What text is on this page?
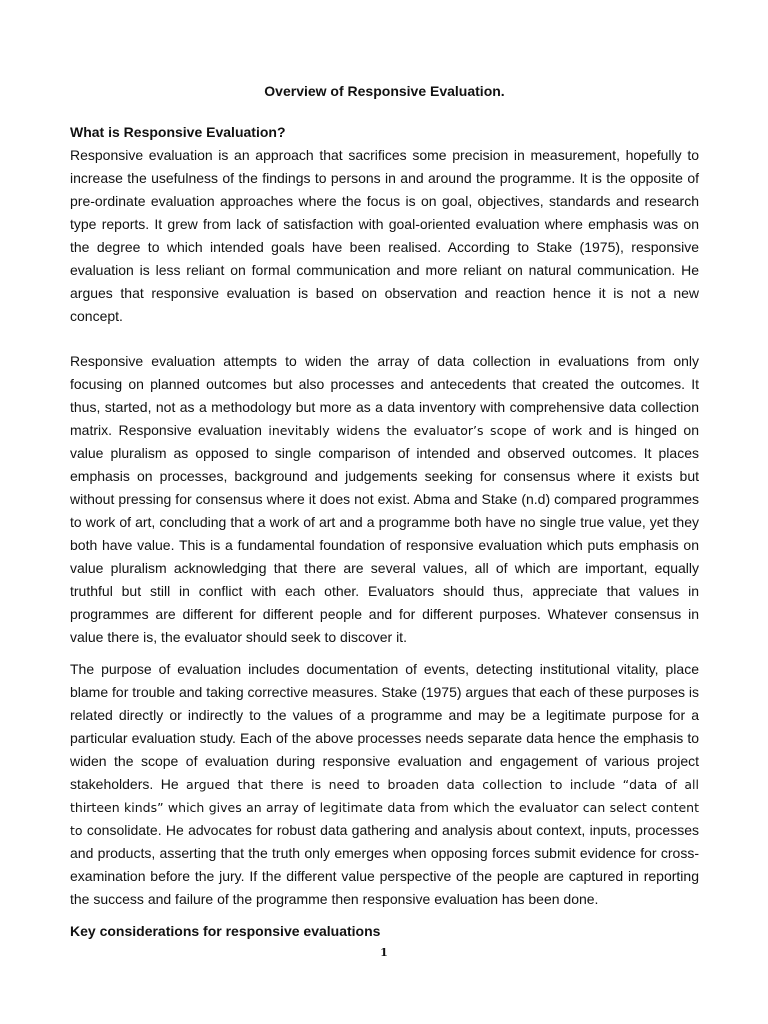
Overview of Responsive Evaluation.
What is Responsive Evaluation?

Responsive evaluation is an approach that sacrifices some precision in measurement, hopefully to increase the usefulness of the findings to persons in and around the programme. It is the opposite of pre-ordinate evaluation approaches where the focus is on goal, objectives, standards and research type reports. It grew from lack of satisfaction with goal-oriented evaluation where emphasis was on the degree to which intended goals have been realised. According to Stake (1975), responsive evaluation is less reliant on formal communication and more reliant on natural communication. He argues that responsive evaluation is based on observation and reaction hence it is not a new concept.

Responsive evaluation attempts to widen the array of data collection in evaluations from only focusing on planned outcomes but also processes and antecedents that created the outcomes. It thus, started, not as a methodology but more as a data inventory with comprehensive data collection matrix. Responsive evaluation inevitably widens the evaluator’s scope of work and is hinged on value pluralism as opposed to single comparison of intended and observed outcomes. It places emphasis on processes, background and judgements seeking for consensus where it exists but without pressing for consensus where it does not exist. Abma and Stake (n.d) compared programmes to work of art, concluding that a work of art and a programme both have no single true value, yet they both have value. This is a fundamental foundation of responsive evaluation which puts emphasis on value pluralism acknowledging that there are several values, all of which are important, equally truthful but still in conflict with each other. Evaluators should thus, appreciate that values in programmes are different for different people and for different purposes. Whatever consensus in value there is, the evaluator should seek to discover it.

The purpose of evaluation includes documentation of events, detecting institutional vitality, place blame for trouble and taking corrective measures. Stake (1975) argues that each of these purposes is related directly or indirectly to the values of a programme and may be a legitimate purpose for a particular evaluation study. Each of the above processes needs separate data hence the emphasis to widen the scope of evaluation during responsive evaluation and engagement of various project stakeholders. He argued that there is need to broaden data collection to include “data of all thirteen kinds” which gives an array of legitimate data from which the evaluator can select content to consolidate. He advocates for robust data gathering and analysis about context, inputs, processes and products, asserting that the truth only emerges when opposing forces submit evidence for cross-examination before the jury. If the different value perspective of the people are captured in reporting the success and failure of the programme then responsive evaluation has been done.

Key considerations for responsive evaluations
1
